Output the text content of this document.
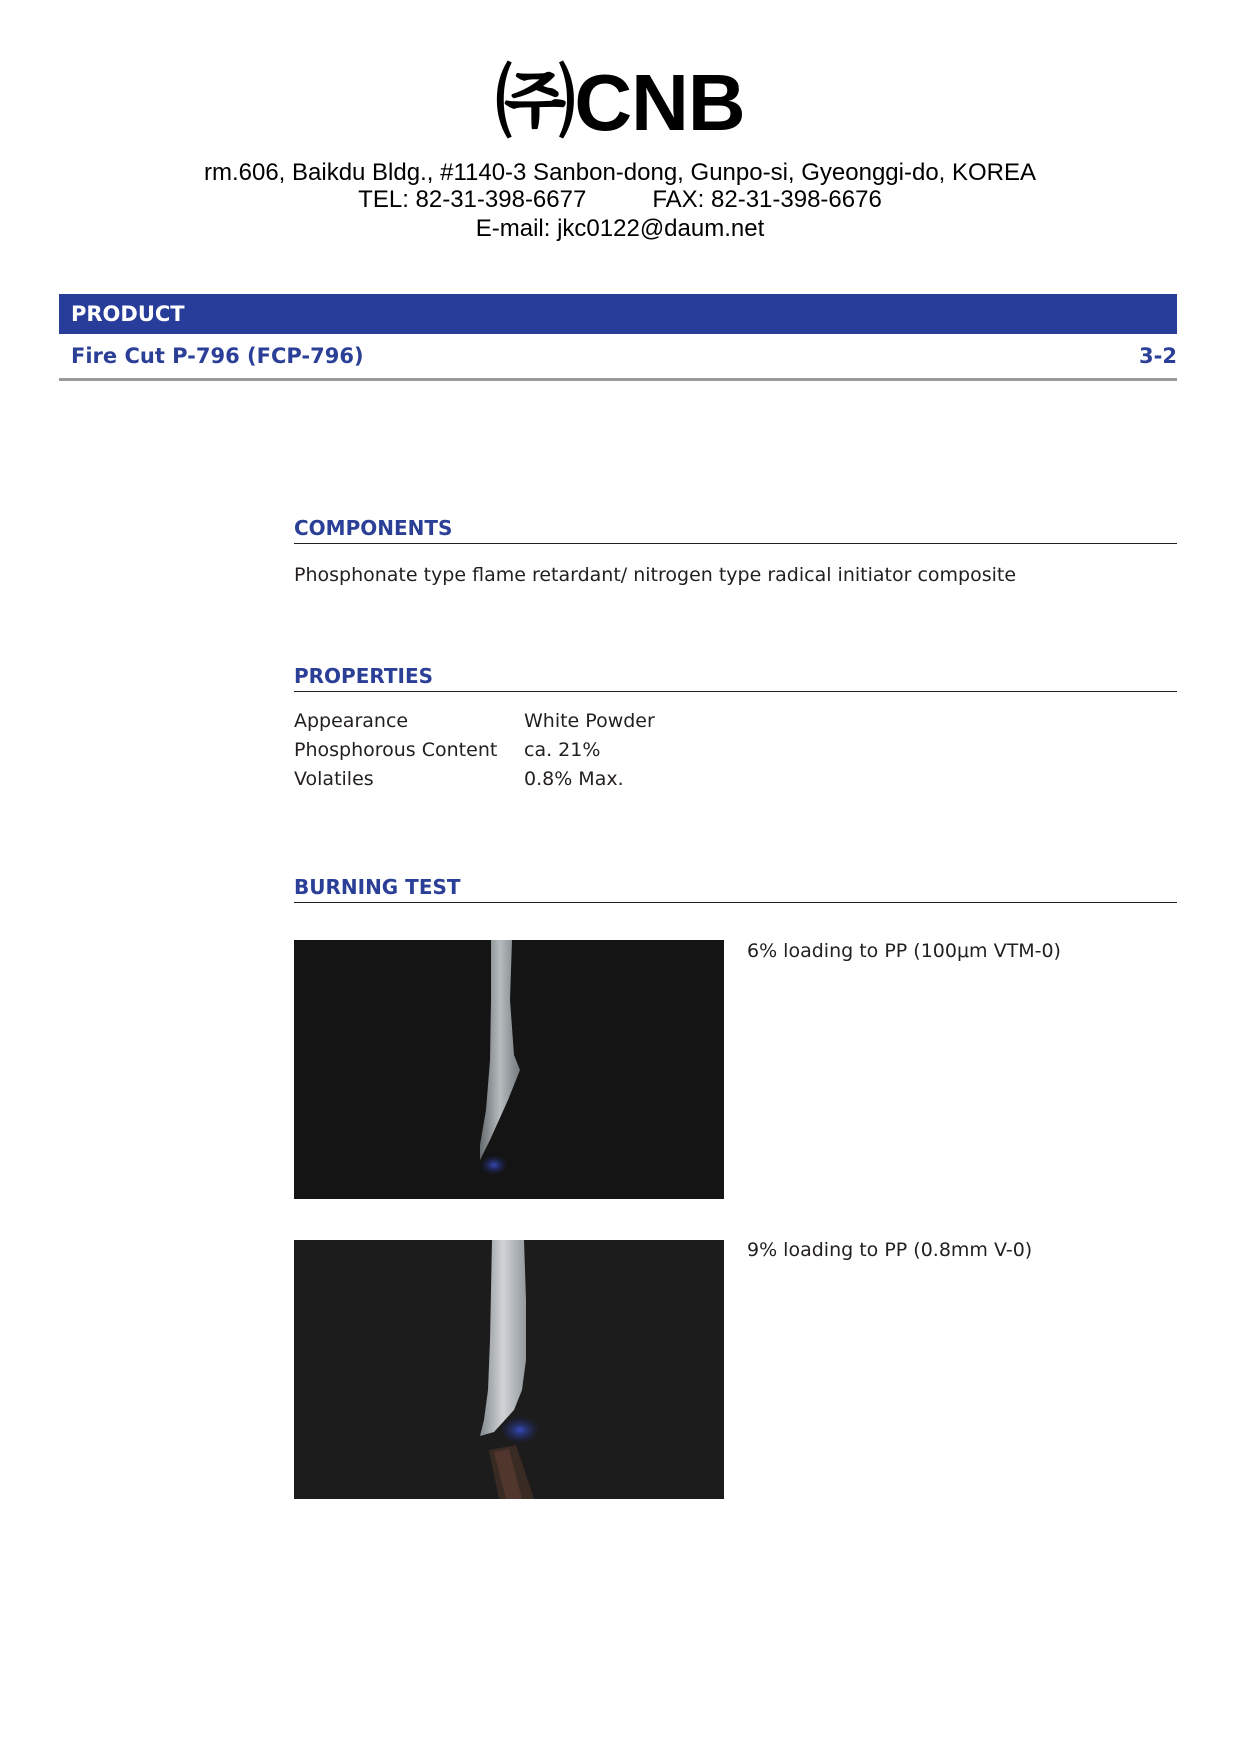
㈜CNB
rm.606, Baikdu Bldg., #1140-3 Sanbon-dong, Gunpo-si, Gyeonggi-do, KOREA
TEL: 82-31-398-6677	FAX: 82-31-398-6676
E-mail: jkc0122@daum.net
PRODUCT
Fire Cut P-796 (FCP-796)	3-2
COMPONENTS
Phosphonate type flame retardant/ nitrogen type radical initiator composite
PROPERTIES
Appearance	White Powder
Phosphorous Content	ca. 21%
Volatiles	0.8% Max.
BURNING TEST
6% loading to PP (100μm VTM-0)
9% loading to PP (0.8mm V-0)
